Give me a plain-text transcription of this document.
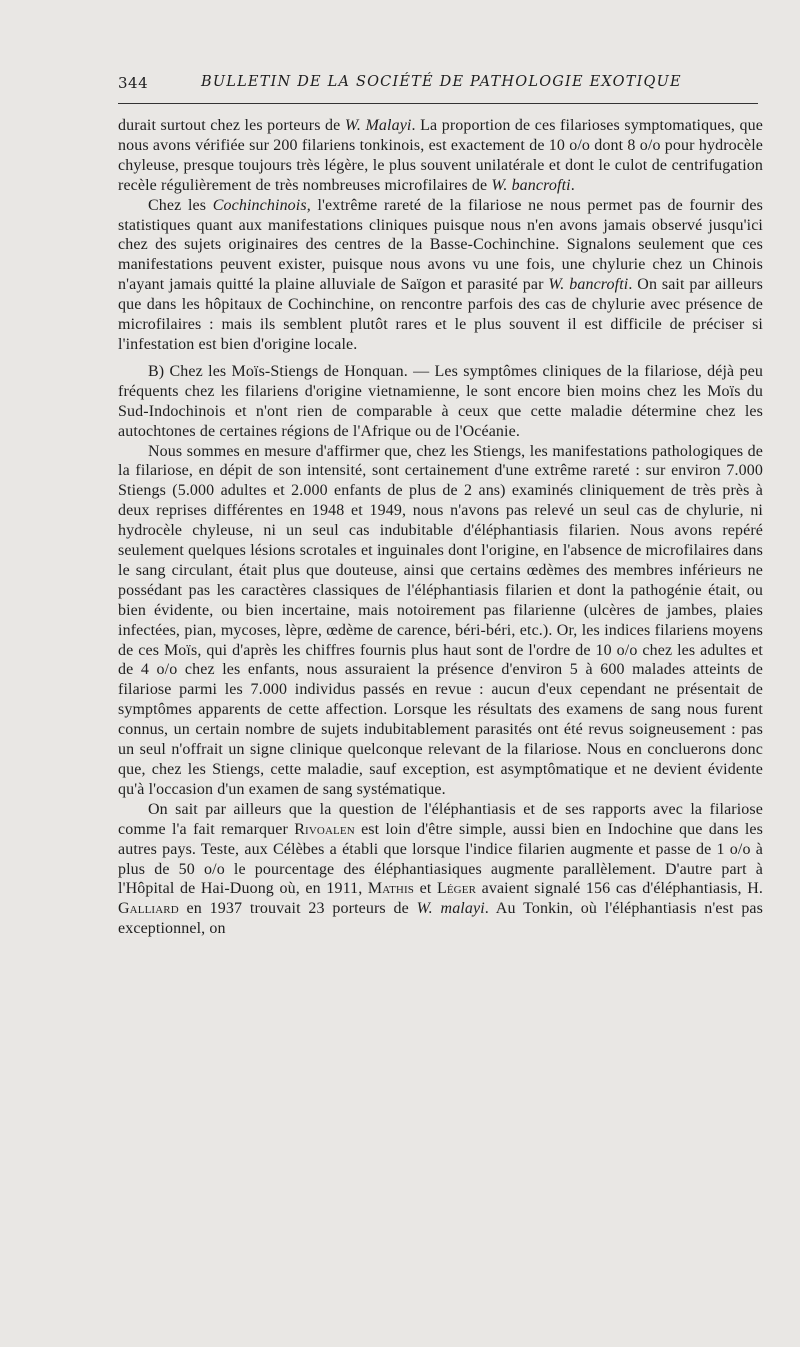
344	BULLETIN DE LA SOCIÉTÉ DE PATHOLOGIE EXOTIQUE

durait surtout chez les porteurs de W. Malayi. La proportion de ces filarioses symptomatiques, que nous avons vérifiée sur 200 filariens tonkinois, est exactement de 10 o/o dont 8 o/o pour hydrocèle chyleuse, presque toujours très légère, le plus souvent unilatérale et dont le culot de centrifugation recèle régulièrement de très nombreuses microfilaires de W. bancrofti.

Chez les Cochinchinois, l'extrême rareté de la filariose ne nous permet pas de fournir des statistiques quant aux manifestations cliniques puisque nous n'en avons jamais observé jusqu'ici chez des sujets originaires des centres de la Basse-Cochinchine. Signalons seulement que ces manifestations peuvent exister, puisque nous avons vu une fois, une chylurie chez un Chinois n'ayant jamais quitté la plaine alluviale de Saïgon et parasité par W. bancrofti. On sait par ailleurs que dans les hôpitaux de Cochinchine, on rencontre parfois des cas de chylurie avec présence de microfilaires : mais ils semblent plutôt rares et le plus souvent il est difficile de préciser si l'infestation est bien d'origine locale.

B) Chez les Moïs-Stiengs de Honquan. — Les symptômes cliniques de la filariose, déjà peu fréquents chez les filariens d'origine vietnamienne, le sont encore bien moins chez les Moïs du Sud-Indochinois et n'ont rien de comparable à ceux que cette maladie détermine chez les autochtones de certaines régions de l'Afrique ou de l'Océanie.

Nous sommes en mesure d'affirmer que, chez les Stiengs, les manifestations pathologiques de la filariose, en dépit de son intensité, sont certainement d'une extrême rareté : sur environ 7.000 Stiengs (5.000 adultes et 2.000 enfants de plus de 2 ans) examinés cliniquement de très près à deux reprises différentes en 1948 et 1949, nous n'avons pas relevé un seul cas de chylurie, ni hydrocèle chyleuse, ni un seul cas indubitable d'éléphantiasis filarien. Nous avons repéré seulement quelques lésions scrotales et inguinales dont l'origine, en l'absence de microfilaires dans le sang circulant, était plus que douteuse, ainsi que certains œdèmes des membres inférieurs ne possédant pas les caractères classiques de l'éléphantiasis filarien et dont la pathogénie était, ou bien évidente, ou bien incertaine, mais notoirement pas filarienne (ulcères de jambes, plaies infectées, pian, mycoses, lèpre, œdème de carence, béri-béri, etc.). Or, les indices filariens moyens de ces Moïs, qui d'après les chiffres fournis plus haut sont de l'ordre de 10 o/o chez les adultes et de 4 o/o chez les enfants, nous assuraient la présence d'environ 5 à 600 malades atteints de filariose parmi les 7.000 individus passés en revue : aucun d'eux cependant ne présentait de symptômes apparents de cette affection. Lorsque les résultats des examens de sang nous furent connus, un certain nombre de sujets indubitablement parasités ont été revus soigneusement : pas un seul n'offrait un signe clinique quelconque relevant de la filariose. Nous en concluerons donc que, chez les Stiengs, cette maladie, sauf exception, est asymptômatique et ne devient évidente qu'à l'occasion d'un examen de sang systématique.

On sait par ailleurs que la question de l'éléphantiasis et de ses rapports avec la filariose comme l'a fait remarquer Rivoalen est loin d'être simple, aussi bien en Indochine que dans les autres pays. Teste, aux Célèbes a établi que lorsque l'indice filarien augmente et passe de 1 o/o à plus de 50 o/o le pourcentage des éléphantiasiques augmente parallèlement. D'autre part à l'Hôpital de Hai-Duong où, en 1911, Mathis et Léger avaient signalé 156 cas d'éléphantiasis, H. Galliard en 1937 trouvait 23 porteurs de W. malayi. Au Tonkin, où l'éléphantiasis n'est pas exceptionnel, on
